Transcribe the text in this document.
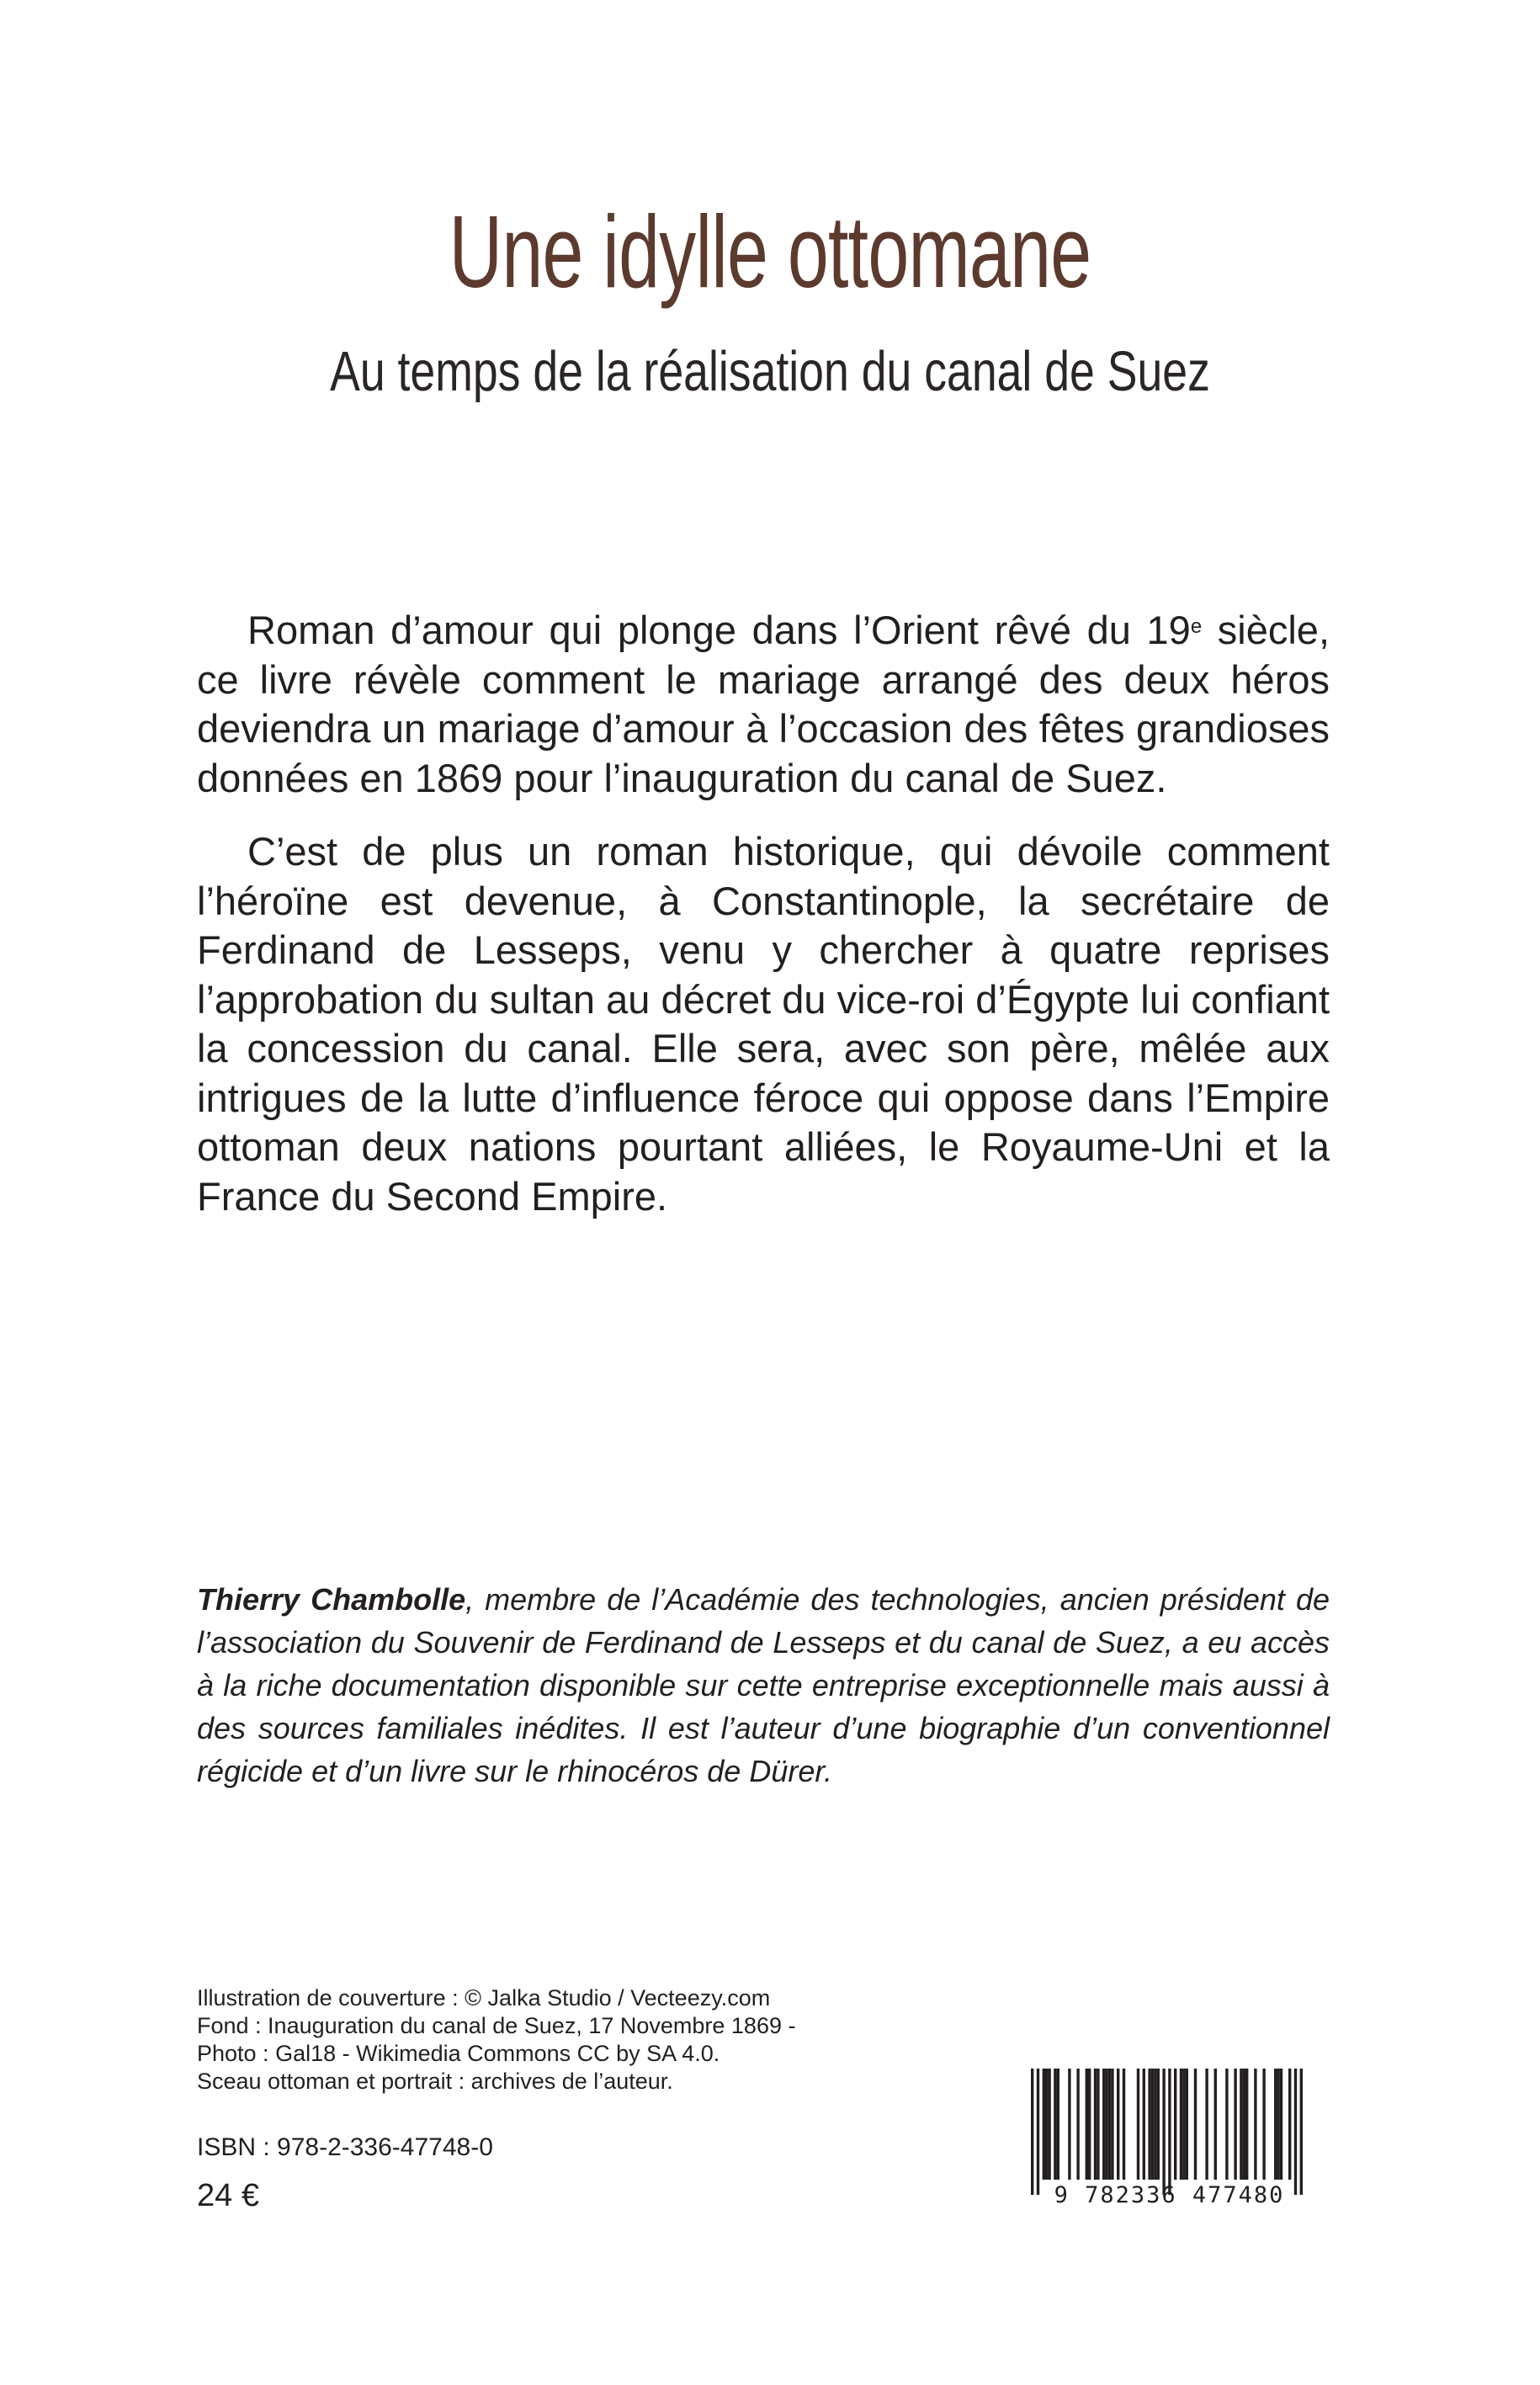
Une idylle ottomane
Au temps de la réalisation du canal de Suez

Roman d’amour qui plonge dans l’Orient rêvé du 19e siècle, ce livre révèle comment le mariage arrangé des deux héros deviendra un mariage d’amour à l’occasion des fêtes grandioses données en 1869 pour l’inauguration du canal de Suez.

C’est de plus un roman historique, qui dévoile comment l’héroïne est devenue, à Constantinople, la secrétaire de Ferdinand de Lesseps, venu y chercher à quatre reprises l’approbation du sultan au décret du vice-roi d’Égypte lui confiant la concession du canal. Elle sera, avec son père, mêlée aux intrigues de la lutte d’influence féroce qui oppose dans l’Empire ottoman deux nations pourtant alliées, le Royaume-Uni et la France du Second Empire.

Thierry Chambolle, membre de l’Académie des technologies, ancien président de l’association du Souvenir de Ferdinand de Lesseps et du canal de Suez, a eu accès à la riche documentation disponible sur cette entreprise exceptionnelle mais aussi à des sources familiales inédites. Il est l’auteur d’une biographie d’un conventionnel régicide et d’un livre sur le rhinocéros de Dürer.

Illustration de couverture : © Jalka Studio / Vecteezy.com
Fond : Inauguration du canal de Suez, 17 Novembre 1869 -
Photo : Gal18 - Wikimedia Commons CC by SA 4.0.
Sceau ottoman et portrait : archives de l’auteur.
ISBN : 978-2-336-47748-0
24 €	9 782336 477480
